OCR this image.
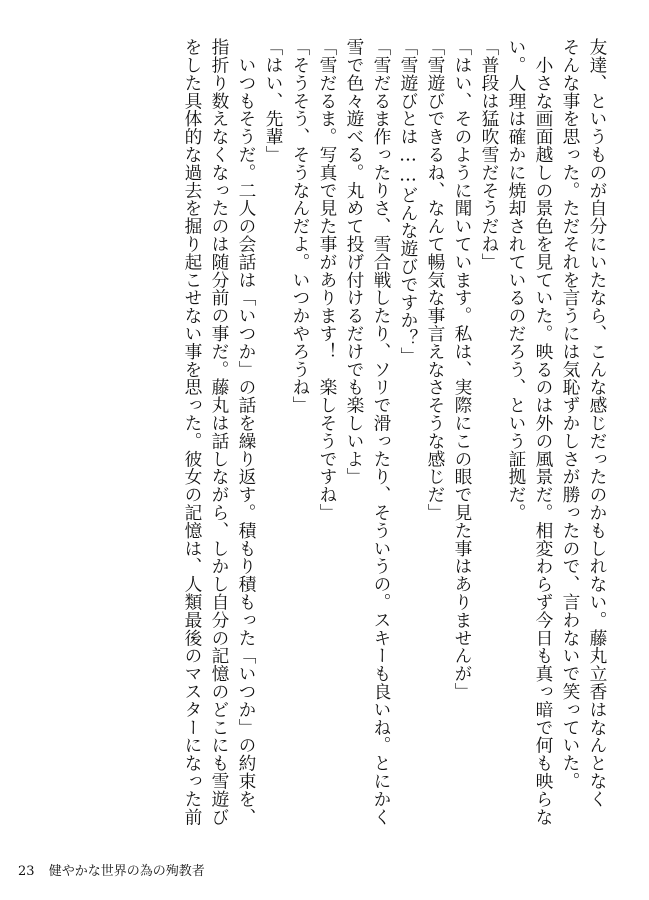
友達、というものが自分にいたなら、こんな感じだったのかもしれない。藤丸立香はなんとなく
そんな事を思った。ただそれを言うには気恥ずかしさが勝ったので、言わないで笑っていた。
　小さな画面越しの景色を見ていた。映るのは外の風景だ。相変わらず今日も真っ暗で何も映らな
い。人理は確かに焼却されているのだろう、という証拠だ。
「普段は猛吹雪だそうだね」
「はい、そのように聞いています。私は、実際にこの眼で見た事はありませんが」
「雪遊びできるね、なんて暢気な事言えなさそうな感じだ」
「雪遊びとは……どんな遊びですか？」
「雪だるま作ったりさ、雪合戦したり、ソリで滑ったり、そういうの。スキーも良いね。とにかく
雪で色々遊べる。丸めて投げ付けるだけでも楽しいよ」
「雪だるま。写真で見た事があります！　楽しそうですね」
「そうそう、そうなんだよ。いつかやろうね」
「はい、先輩」
　いつもそうだ。二人の会話は「いつか」の話を繰り返す。積もり積もった「いつか」の約束を、
指折り数えなくなったのは随分前の事だ。藤丸は話しながら、しかし自分の記憶のどこにも雪遊び
をした具体的な過去を掘り起こせない事を思った。彼女の記憶は、人類最後のマスターになった前
23 健やかな世界の為の殉教者
